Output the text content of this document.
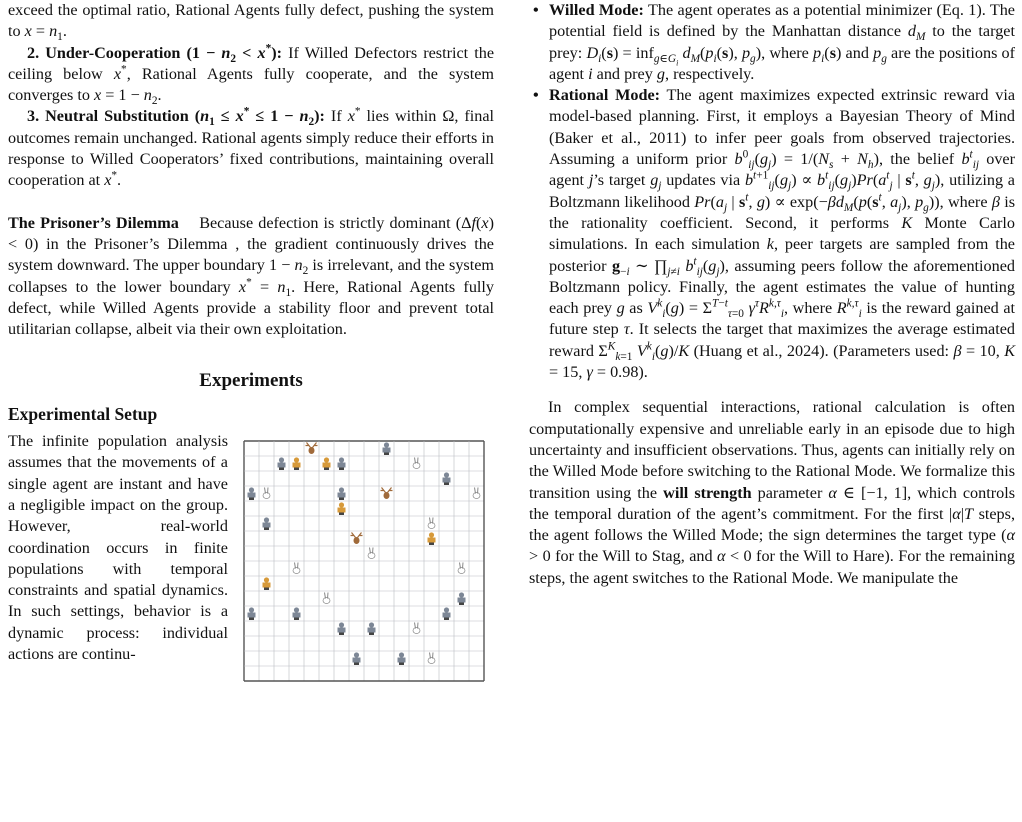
exceed the optimal ratio, Rational Agents fully defect, pushing the system to $x = n_1$.

2. Under-Cooperation $(1 - n_2 < x^*)$: If Willed Defectors restrict the ceiling below x*, Rational Agents fully cooperate, and the system converges to $x = 1 - n_2$.

3. Neutral Substitution $(n_1 \le x^* \le 1 - n_2)$: If x* lies within Ω, final outcomes remain unchanged. Rational agents simply reduce their efforts in response to Willed Cooperators’ fixed contributions, maintaining overall cooperation at x*.

The Prisoner’s Dilemma    Because defection is strictly dominant (Δf(x) < 0) in the Prisoner’s Dilemma , the gradient continuously drives the system downward. The upper boundary $1 - n_2$ is irrelevant, and the system collapses to the lower boundary $x^* = n_1$. Here, Rational Agents fully defect, while Willed Agents provide a stability floor and prevent total utilitarian collapse, albeit via their own exploitation.

Experiments

Experimental Setup

The infinite population analysis assumes that the movements of a single agent are instant and have a negligible impact on the group. However, real-world coordination occurs in finite populations with temporal constraints and spatial dynamics. In such settings, behavior is a dynamic process: individual actions are continu-
• Willed Mode: The agent operates as a potential minimizer (Eq. 1). The potential field is defined by the Manhattan distance $d_M$ to the target prey: $D_i(s) = inf_{g\in G_i}$ $d_M(p_i(s)$, $p_g$), where $p_i(s)$ and $p_g$ are the positions of agent i and prey g, respectively.
• Rational Mode: The agent maximizes expected extrinsic reward via model-based planning. First, it employs a Bayesian Theory of Mind (Baker et al., 2011) to infer peer goals from observed trajectories. Assuming a uniform prior $b^0_{ij}(g_j) = 1/(N_s + N_h)$, the belief $b^t_{ij}$ over agent j’s target $g_j$ updates via $b^{t+1}_{ij}(g_j) \propto b^t_{ij}(g_j)Pr(a^t_j$ | $s^t$, $g_j$), utilizing a Boltzmann likelihood $Pr(a_j$ | $s^t$, $g) \propto \exp(-\beta d_M(p(s^t$, $a_j$), $p_g$)), where β is the rationality coefficient. Second, it performs K Monte Carlo simulations. In each simulation k, peer targets are sampled from the posterior $g_{-i}$ ∼ $\prod_{j\ne i}$ $b^t_{ij}(g_j)$, assuming peers follow the aforementioned Boltzmann policy. Finally, the agent estimates the value of hunting each prey g as $V^k_i(g) = \Sigma^{T-t}_{\tau=0}$ $\gamma^\tau R^{k,\tau}_i$, where $R^{k,\tau}_i$ is the reward gained at future step τ. It selects the target that maximizes the average estimated reward $\Sigma^K_{k=1}$ $V^k_i(g)/K$ (Huang et al., 2024). (Parameters used: β = 10, K = 15, γ = 0.98).

In complex sequential interactions, rational calculation is often computationally expensive and unreliable early in an episode due to high uncertainty and insufficient observations. Thus, agents can initially rely on the Willed Mode before switching to the Rational Mode. We formalize this transition using the will strength parameter α ∈ [−1, 1], which controls the temporal duration of the agent’s commitment. For the first |α|T steps, the agent follows the Willed Mode; the sign determines the target type (α > 0 for the Will to Stag, and α < 0 for the Will to Hare). For the remaining steps, the agent switches to the Rational Mode. We manipulate the
